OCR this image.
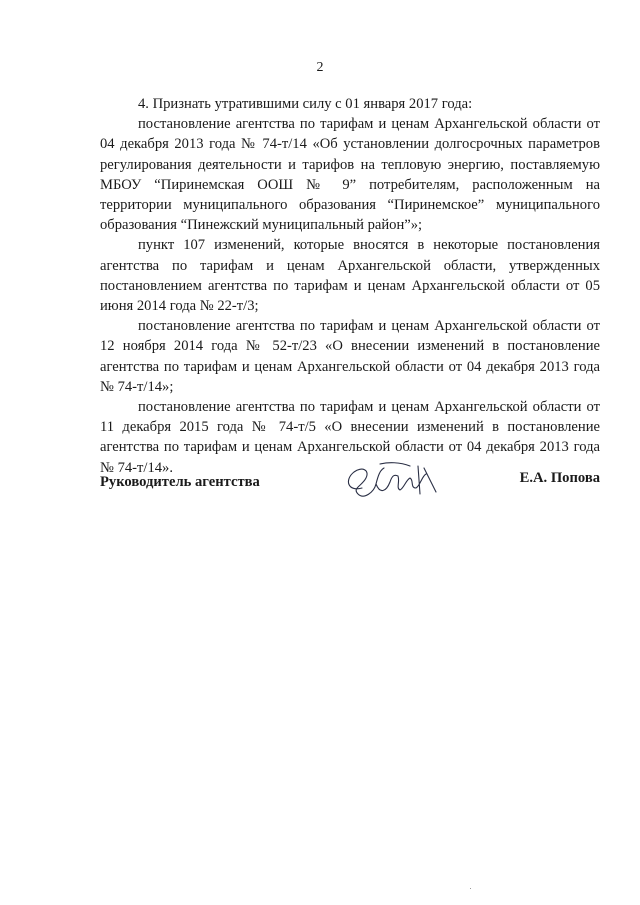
2

4. Признать утратившими силу с 01 января 2017 года:

постановление агентства по тарифам и ценам Архангельской области от 04 декабря 2013 года № 74-т/14 «Об установлении долгосрочных параметров регулирования деятельности и тарифов на тепловую энергию, поставляемую МБОУ “Пиринемская ООШ № 9” потребителям, расположенным на территории муниципального образования “Пиринемское” муниципального образования “Пинежский муниципальный район”»;

пункт 107 изменений, которые вносятся в некоторые постановления агентства по тарифам и ценам Архангельской области, утвержденных постановлением агентства по тарифам и ценам Архангельской области от 05 июня 2014 года № 22-т/3;

постановление агентства по тарифам и ценам Архангельской области от 12 ноября 2014 года № 52-т/23 «О внесении изменений в постановление агентства по тарифам и ценам Архангельской области от 04 декабря 2013 года № 74-т/14»;

постановление агентства по тарифам и ценам Архангельской области от 11 декабря 2015 года № 74-т/5 «О внесении изменений в постановление агентства по тарифам и ценам Архангельской области от 04 декабря 2013 года № 74-т/14».

Руководитель агентства	Е.А. Попова
